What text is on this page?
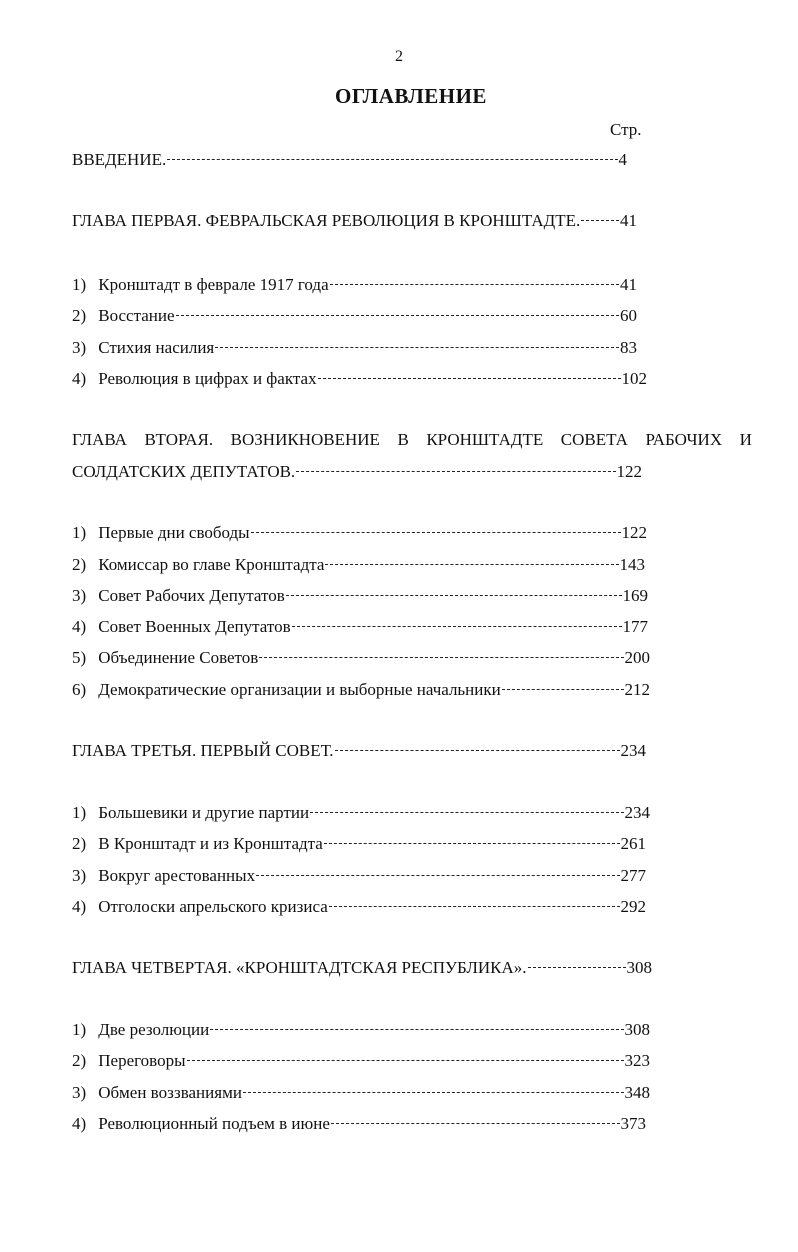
2
ОГЛАВЛЕНИЕ
Стр.
ВВЕДЕНИЕ.	4
ГЛАВА ПЕРВАЯ. ФЕВРАЛЬСКАЯ РЕВОЛЮЦИЯ В КРОНШТАДТЕ. 41
1) Кронштадт в феврале 1917 года	41
2) Восстание	60
3) Стихия насилия	83
4) Революция в цифрах и фактах	102
ГЛАВА ВТОРАЯ. ВОЗНИКНОВЕНИЕ В КРОНШТАДТЕ СОВЕТА РАБОЧИХ И
СОЛДАТСКИХ ДЕПУТАТОВ.	122
1) Первые дни свободы	122
2) Комиссар во главе Кронштадта	143
3) Совет Рабочих Депутатов	169
4) Совет Военных Депутатов	177
5) Объединение Советов	200
6) Демократические организации и выборные начальники	212
ГЛАВА ТРЕТЬЯ. ПЕРВЫЙ СОВЕТ.	234
1) Большевики и другие партии	234
2) В Кронштадт и из Кронштадта	261
3) Вокруг арестованных	277
4) Отголоски апрельского кризиса	292
ГЛАВА ЧЕТВЕРТАЯ. «КРОНШТАДТСКАЯ РЕСПУБЛИКА».	308
1) Две резолюции	308
2) Переговоры	323
3) Обмен воззваниями	348
4) Революционный подъем в июне	373
